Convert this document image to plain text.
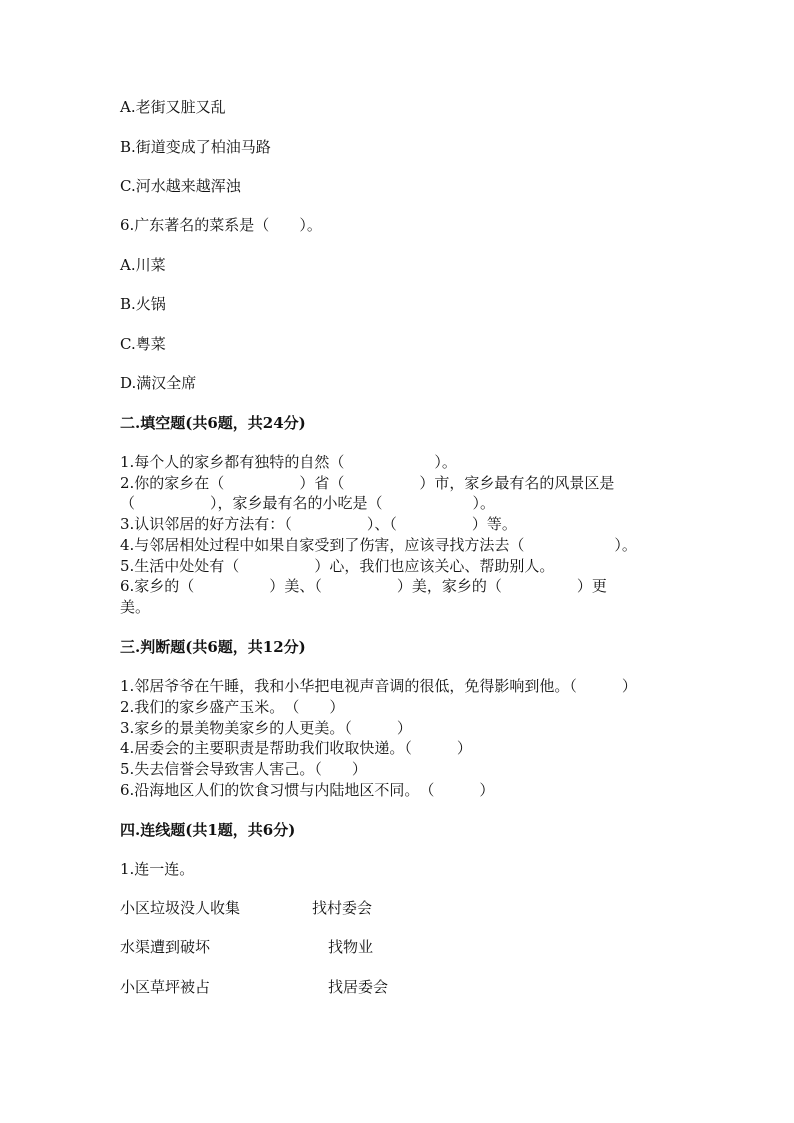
A.老街又脏又乱
B.街道变成了柏油马路
C.河水越来越浑浊
6.广东著名的菜系是（　　）。
A.川菜
B.火锅
C.粤菜
D.满汉全席
二.填空题(共6题，共24分)
1.每个人的家乡都有独特的自然（　　　　　　）。
2.你的家乡在（　　　　　）省（　　　　　）市，家乡最有名的风景区是
（　　　　　），家乡最有名的小吃是（　　　　　　）。
3.认识邻居的好方法有：（　　　　　）、（　　　　　）等。
4.与邻居相处过程中如果自家受到了伤害，应该寻找方法去（　　　　　　）。
5.生活中处处有（　　　　　）心，我们也应该关心、帮助别人。
6.家乡的（　　　　　）美、（　　　　　）美，家乡的（　　　　　）更
美。
三.判断题(共6题，共12分)
1.邻居爷爷在午睡，我和小华把电视声音调的很低，免得影响到他。（　　　）
2.我们的家乡盛产玉米。　（　　）
3.家乡的景美物美家乡的人更美。（　　　）
4.居委会的主要职责是帮助我们收取快递。（　　　）
5.失去信誉会导致害人害己。（　　）
6.沿海地区人们的饮食习惯与内陆地区不同。　（　　　）
四.连线题(共1题，共6分)
1.连一连。
小区垃圾没人收集	找村委会
水渠遭到破坏	找物业
小区草坪被占	找居委会
